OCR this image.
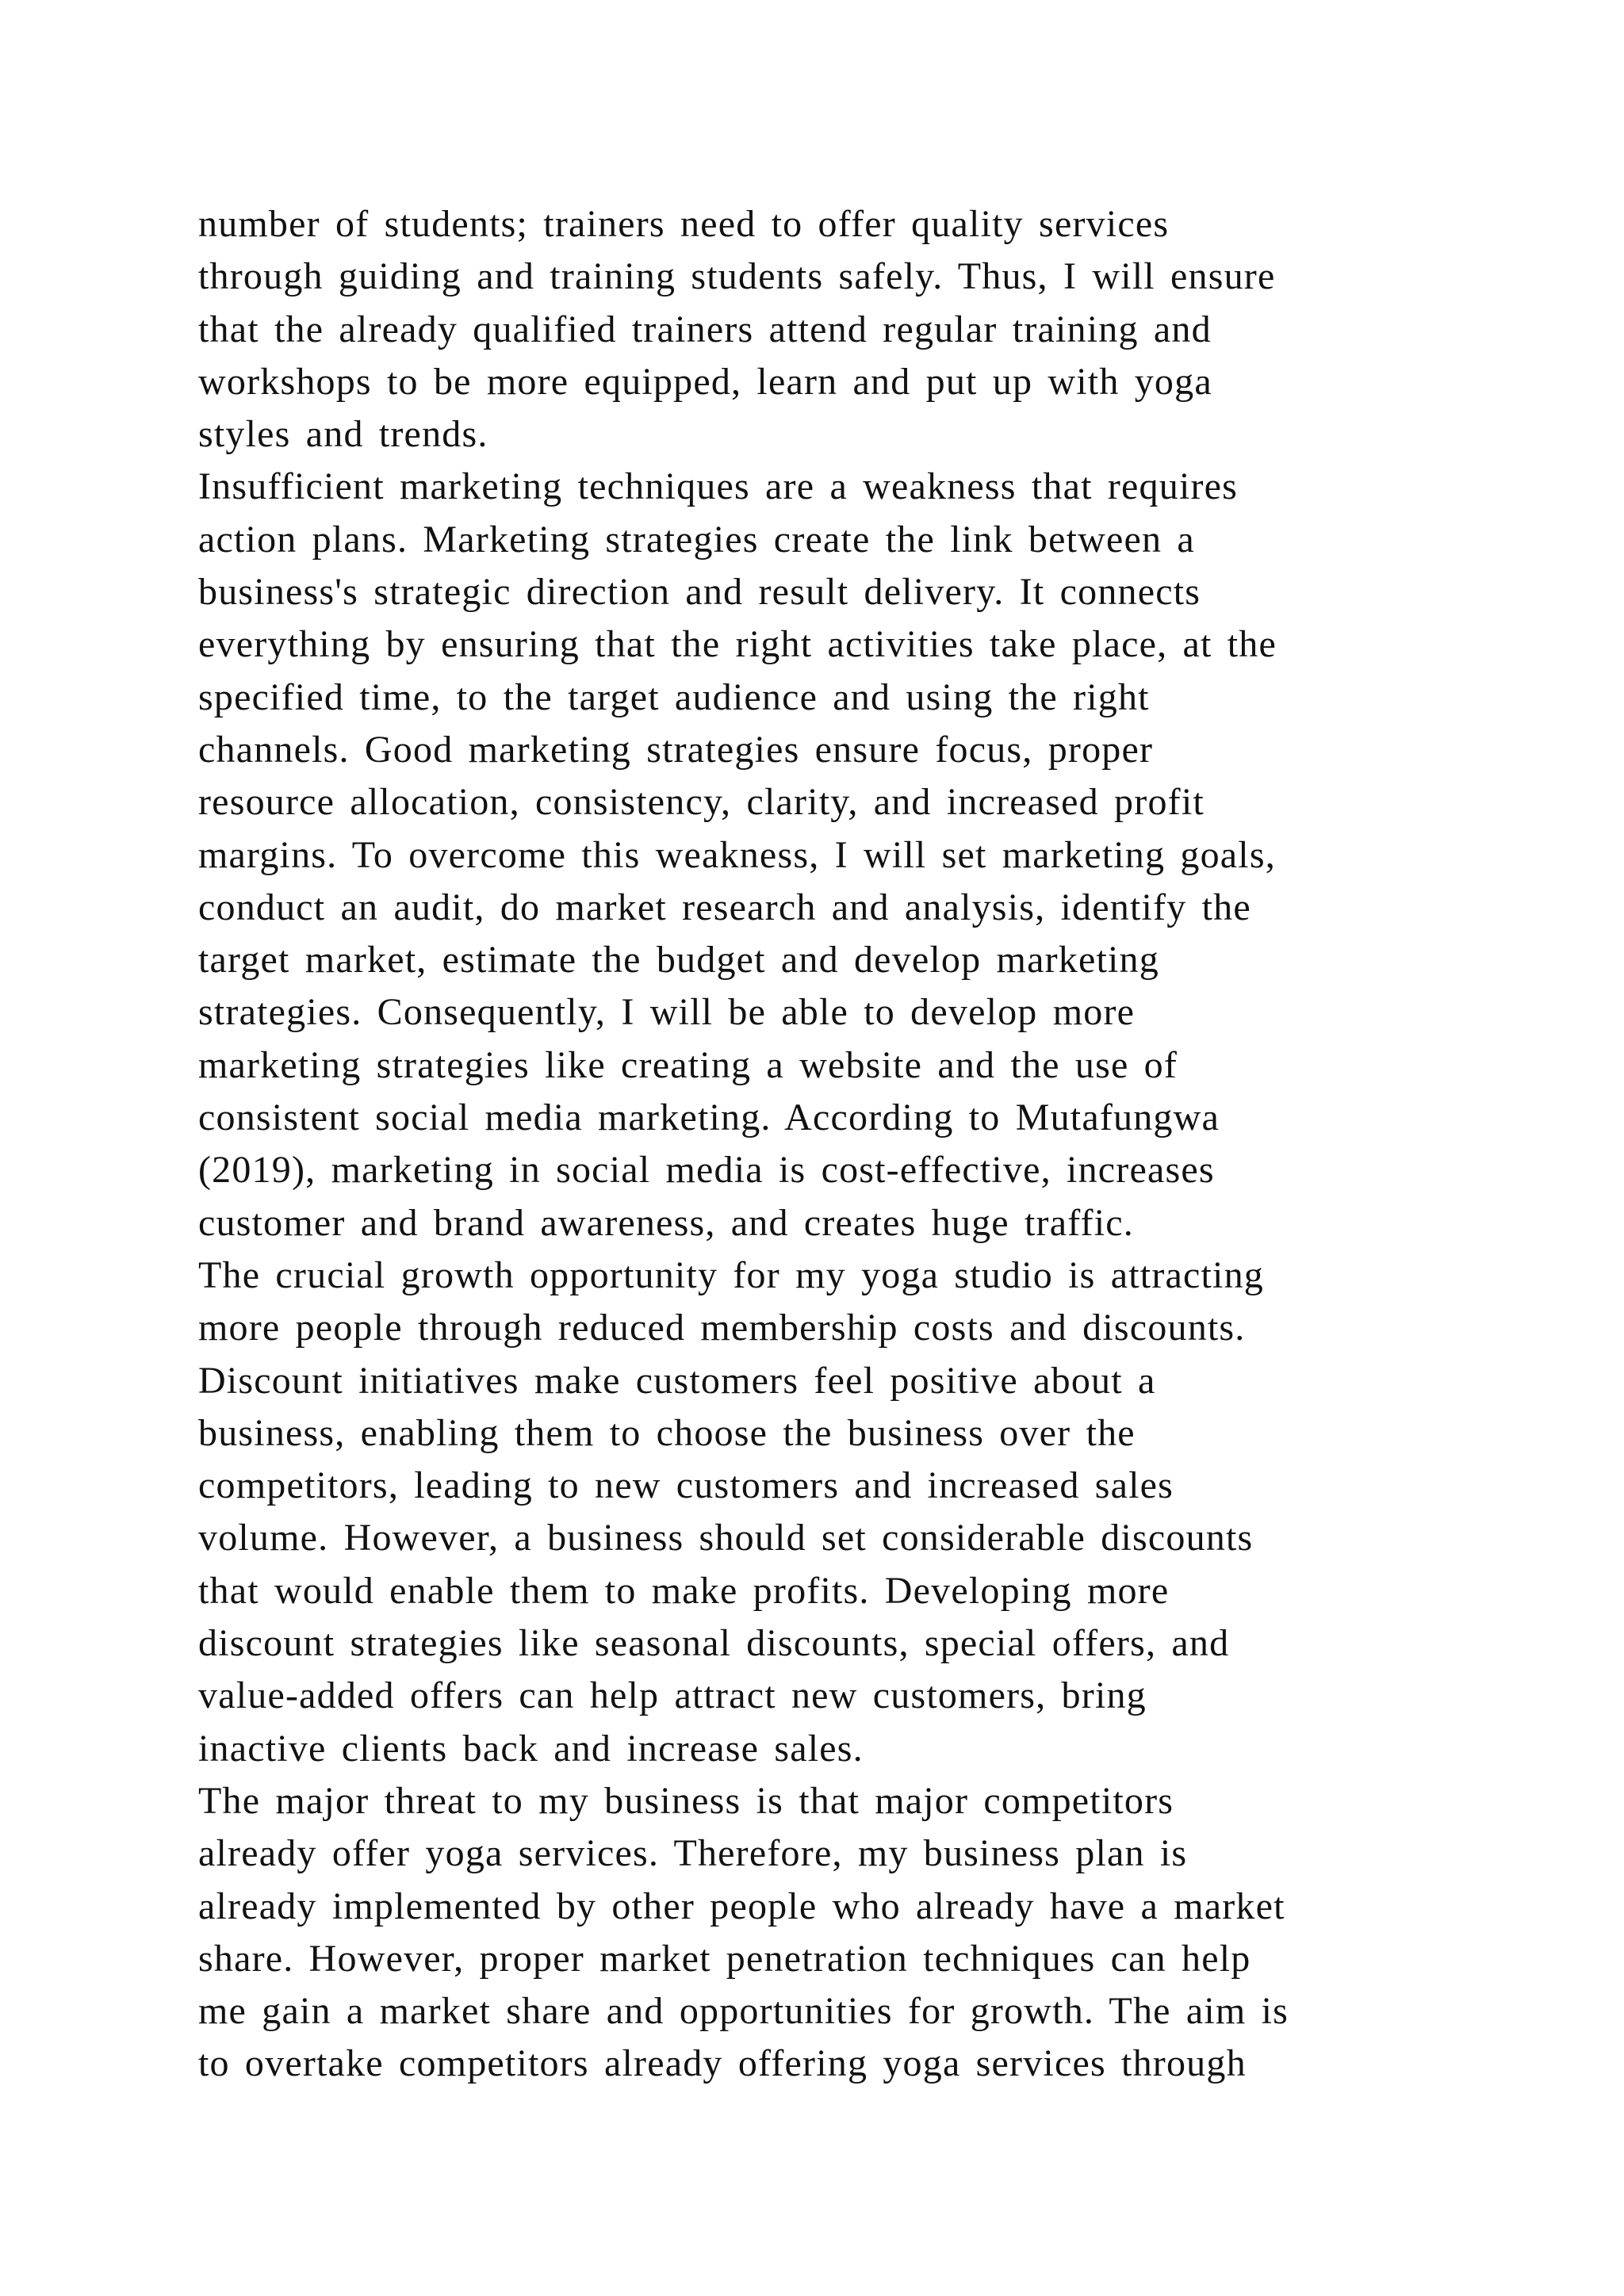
number of students; trainers need to offer quality services
through guiding and training students safely. Thus, I will ensure
that the already qualified trainers attend regular training and
workshops to be more equipped, learn and put up with yoga
styles and trends.
Insufficient marketing techniques are a weakness that requires
action plans. Marketing strategies create the link between a
business's strategic direction and result delivery. It connects
everything by ensuring that the right activities take place, at the
specified time, to the target audience and using the right
channels. Good marketing strategies ensure focus, proper
resource allocation, consistency, clarity, and increased profit
margins. To overcome this weakness, I will set marketing goals,
conduct an audit, do market research and analysis, identify the
target market, estimate the budget and develop marketing
strategies. Consequently, I will be able to develop more
marketing strategies like creating a website and the use of
consistent social media marketing. According to Mutafungwa
(2019), marketing in social media is cost-effective, increases
customer and brand awareness, and creates huge traffic.
The crucial growth opportunity for my yoga studio is attracting
more people through reduced membership costs and discounts.
Discount initiatives make customers feel positive about a
business, enabling them to choose the business over the
competitors, leading to new customers and increased sales
volume. However, a business should set considerable discounts
that would enable them to make profits. Developing more
discount strategies like seasonal discounts, special offers, and
value-added offers can help attract new customers, bring
inactive clients back and increase sales.
The major threat to my business is that major competitors
already offer yoga services. Therefore, my business plan is
already implemented by other people who already have a market
share. However, proper market penetration techniques can help
me gain a market share and opportunities for growth. The aim is
to overtake competitors already offering yoga services through
